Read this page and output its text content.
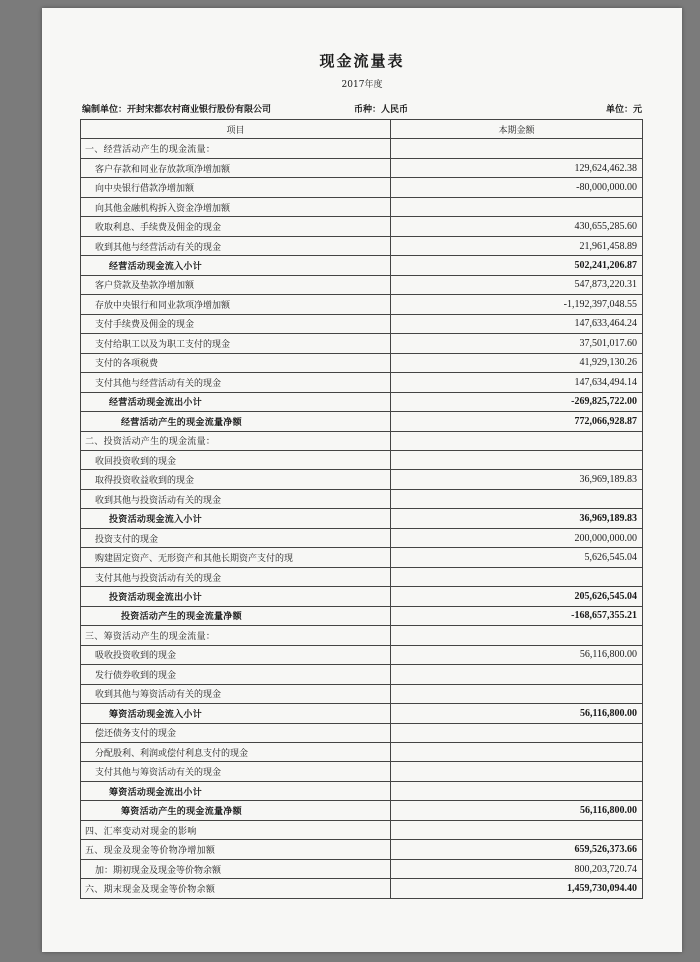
现金流量表
2017年度
编制单位：开封宋都农村商业银行股份有限公司	币种：人民币	单位：元
项目	本期金额
一、经营活动产生的现金流量：	
客户存款和同业存放款项净增加额	129,624,462.38
向中央银行借款净增加额	-80,000,000.00
向其他金融机构拆入资金净增加额	
收取利息、手续费及佣金的现金	430,655,285.60
收到其他与经营活动有关的现金	21,961,458.89
经营活动现金流入小计	502,241,206.87
客户贷款及垫款净增加额	547,873,220.31
存放中央银行和同业款项净增加额	-1,192,397,048.55
支付手续费及佣金的现金	147,633,464.24
支付给职工以及为职工支付的现金	37,501,017.60
支付的各项税费	41,929,130.26
支付其他与经营活动有关的现金	147,634,494.14
经营活动现金流出小计	-269,825,722.00
经营活动产生的现金流量净额	772,066,928.87
二、投资活动产生的现金流量：	
收回投资收到的现金	
取得投资收益收到的现金	36,969,189.83
收到其他与投资活动有关的现金	
投资活动现金流入小计	36,969,189.83
投资支付的现金	200,000,000.00
购建固定资产、无形资产和其他长期资产支付的现	5,626,545.04
支付其他与投资活动有关的现金	
投资活动现金流出小计	205,626,545.04
投资活动产生的现金流量净额	-168,657,355.21
三、筹资活动产生的现金流量：	
吸收投资收到的现金	56,116,800.00
发行债券收到的现金	
收到其他与筹资活动有关的现金	
筹资活动现金流入小计	56,116,800.00
偿还债务支付的现金	
分配股利、利润或偿付利息支付的现金	
支付其他与筹资活动有关的现金	
筹资活动现金流出小计	
筹资活动产生的现金流量净额	56,116,800.00
四、汇率变动对现金的影响	
五、现金及现金等价物净增加额	659,526,373.66
加：期初现金及现金等价物余额	800,203,720.74
六、期末现金及现金等价物余额	1,459,730,094.40
